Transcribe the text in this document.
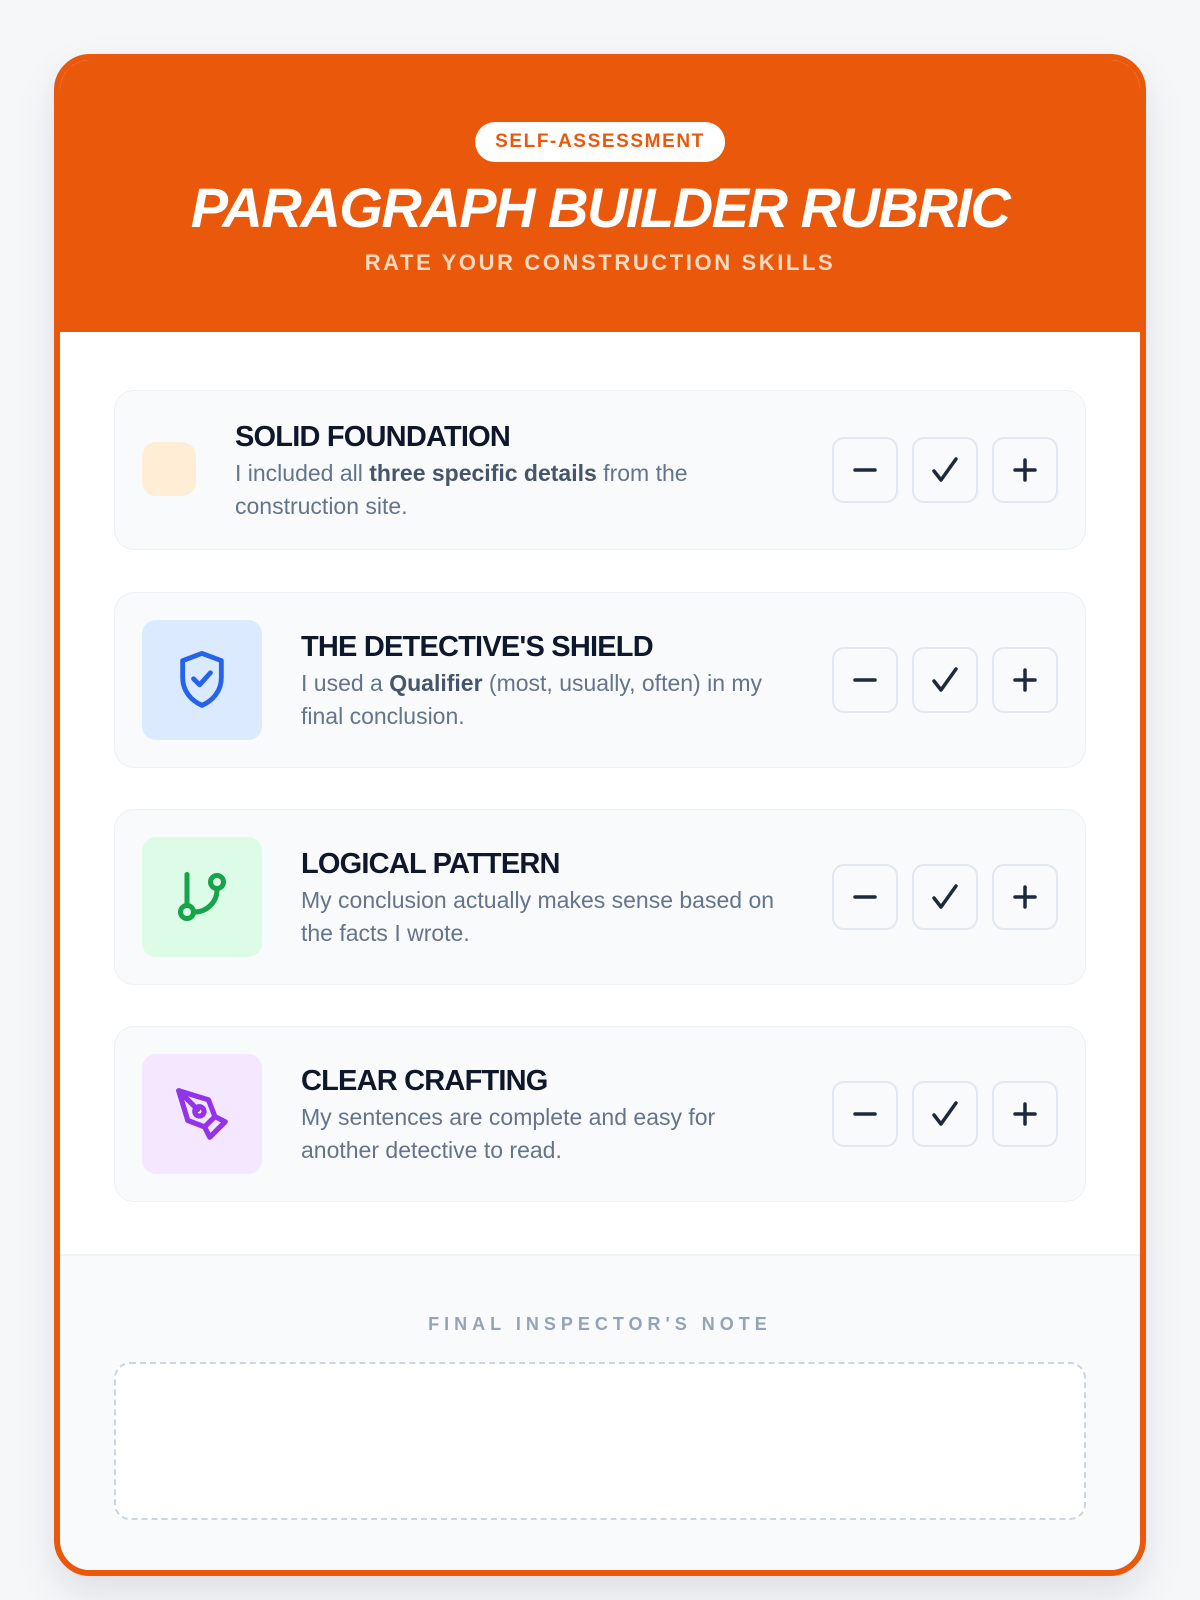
SELF-ASSESSMENT
PARAGRAPH BUILDER RUBRIC
RATE YOUR CONSTRUCTION SKILLS

SOLID FOUNDATION

I included all three specific details from the construction site.

THE DETECTIVE'S SHIELD

I used a Qualifier (most, usually, often) in my final conclusion.

LOGICAL PATTERN

My conclusion actually makes sense based on the facts I wrote.

CLEAR CRAFTING

My sentences are complete and easy for another detective to read.

FINAL INSPECTOR'S NOTE
